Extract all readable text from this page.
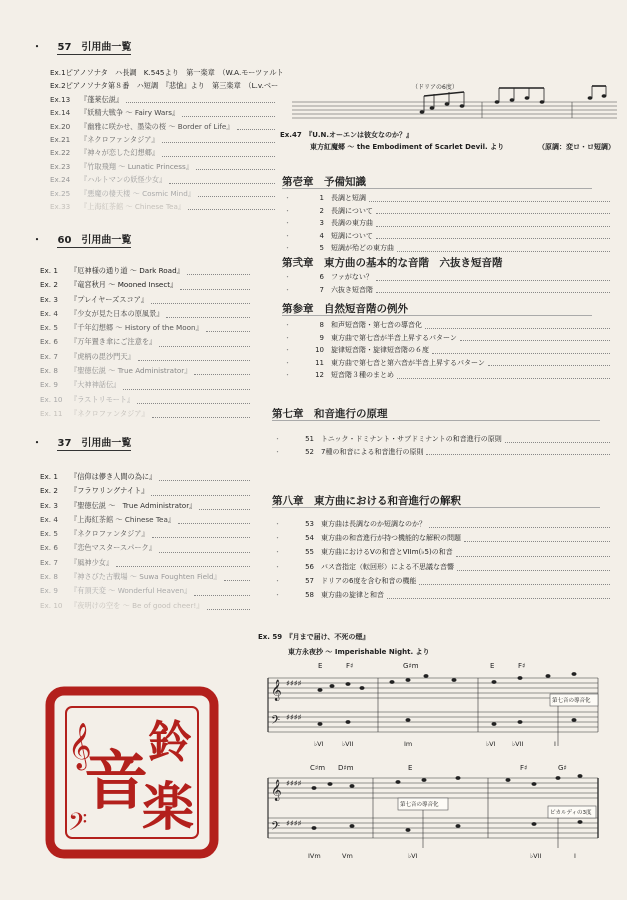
・ 57　引用曲一覧
Ex.1 ピアノソナタ　ハ長調　K.545より　第一楽章　（W.A.モーツァルト
Ex.2 ピアノソナタ第８番　ハ短調　『悲愴』より　第三楽章　（L.v.ベー
Ex.13	『蓬莱伝説』
Ex.14	『妖精大戦争 ～ Fairy Wars』
Ex.20	『幽雅に咲かせ、墨染の桜 ～ Border of Life』
Ex.21	『ネクロファンタジア』
Ex.22	『神々が恋した幻想郷』
Ex.23	『竹取飛翔 ～ Lunatic Princess』
Ex.24	『ハルトマンの妖怪少女』
Ex.25	『悪魔の棲天楼 ～ Cosmic Mind』
Ex.33	『上海紅茶館 ～ Chinese Tea』
・ 60　引用曲一覧
Ex. 1	『厄神様の通り道 ～ Dark Road』
Ex. 2	『竜宮秋月 ～ Mooned Insect』
Ex. 3	『プレイヤーズスコア』
Ex. 4	『少女が見た日本の原風景』
Ex. 5	『千年幻想郷 ～ History of the Moon』
Ex. 6	『万年置き傘にご注意を』
Ex. 7	『虎柄の毘沙門天』
Ex. 8	『聖徳伝説 ～ True Administrator』
Ex. 9	『大神神話伝』
Ex. 10	『ラストリモート』
Ex. 11	『ネクロファンタジア』
・ 37　引用曲一覧
Ex. 1	『信仰は儚き人間の為に』
Ex. 2	『フラワリングナイト』
Ex. 3	『聖徳伝説 ～　True Administrator』
Ex. 4	『上海紅茶館 ～ Chinese Tea』
Ex. 5	『ネクロファンタジア』
Ex. 6	『恋色マスタースパーク』
Ex. 7	『風神少女』
Ex. 8	『神さびた古戦場 ～ Suwa Foughten Field』
Ex. 9	『有頂天変 ～ Wonderful Heaven』
Ex. 10	『夜明けの空を ～ Be of good cheer!』
（ドリアの6度）
Ex.47　『U.N.オーエンは彼女なのか？』
東方紅魔郷 ～ the Embodiment of Scarlet Devil. より	（原調：変ロ・ロ短調）
第壱章　予備知識
・	1 長調と短調
・	2 長調について
・	3 長調の東方曲
・	4 短調について
・	5 短調が殆どの東方曲
第弐章　東方曲の基本的な音階　六抜き短音階
・	6 ファがない？
・	7 六抜き短音階
第参章　自然短音階の例外
・	8 和声短音階・第七音の導音化
・	9 東方曲で第七音が半音上昇するパターン
・	10 旋律短音階・旋律短音階の６度
・	11 東方曲で第七音と第六音が半音上昇するパターン
・	12 短音階３種のまとめ
第七章　和音進行の原理
・	51 トニック・ドミナント・サブドミナントの和音進行の原則
・	52 7種の和音による和音進行の原則
第八章　東方曲における和音進行の解釈
・	53 東方曲は長調なのか短調なのか？
・	54 東方曲の和音進行が持つ機能的な解釈の問題
・	55 東方曲におけるVの和音とVIIm(♭5)の和音
・	56 バス音指定（転回形）による不思議な音響
・	57 ドリアの6度を含む和音の機能
・	58 東方曲の旋律と和音
Ex. 59　『月まで届け、不死の煙』
東方永夜抄 ～ Imperishable Night. より
𝄞
𝄢
𝄞
𝄢
♯♯♯♯
♯♯♯♯
♯♯♯♯
♯♯♯♯
第七音の導音化
第七音の導音化
ピカルディの3度
E	F♯	G♯m	E	F♯
♭VI	♭VII	Im	♭VI	♭VII	I
C♯m D♯m	E	F♯	G♯
IVm	Vm	♭VI	♭VII	I
音
楽
鈴
𝄞
𝄢
